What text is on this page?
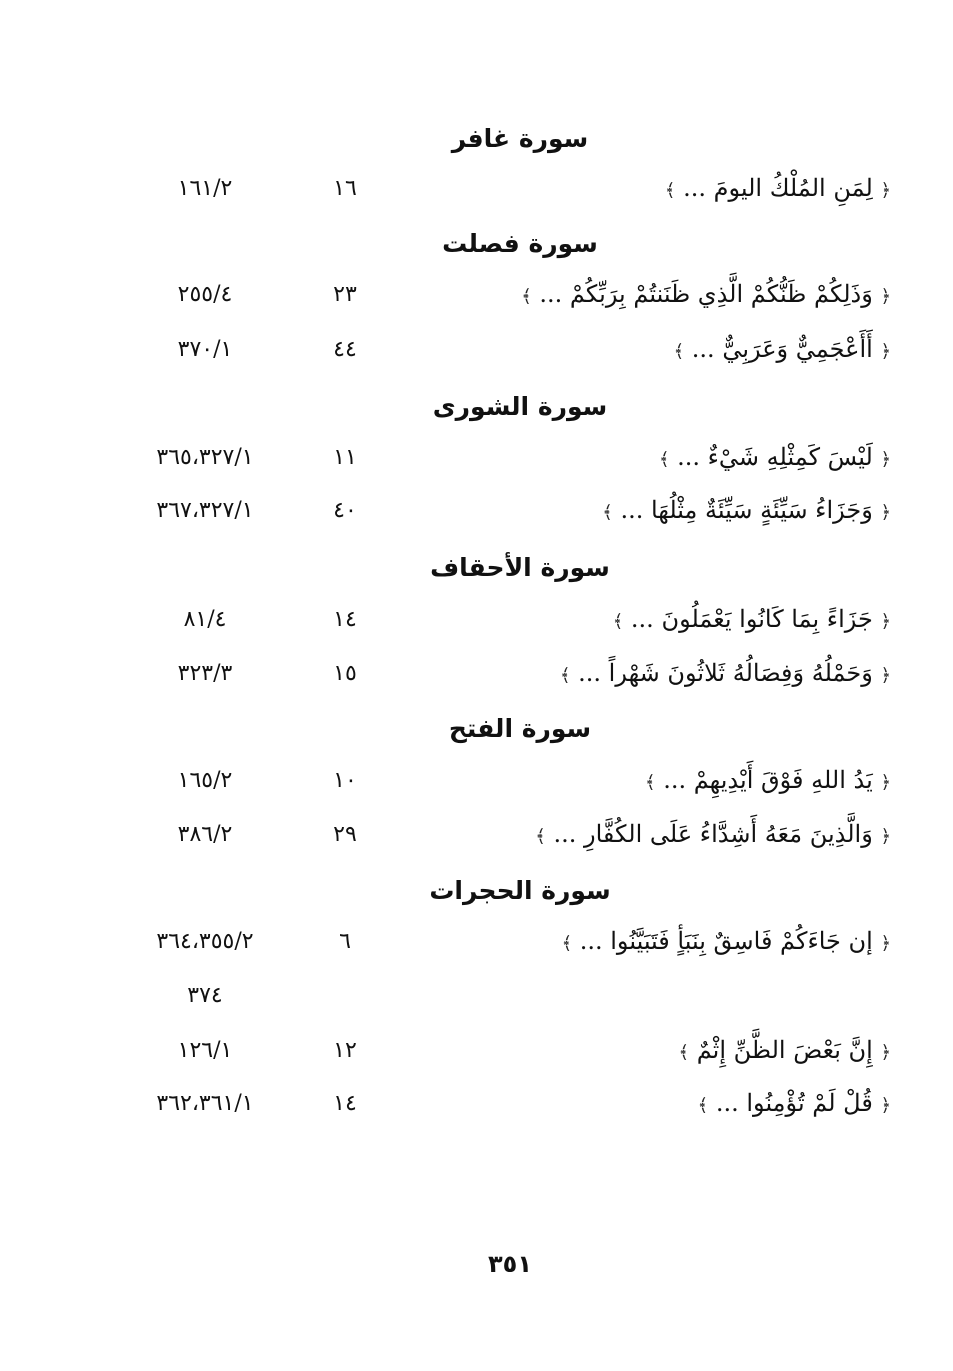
سورة غافر
﴿ لِمَنِ المُلْكُ اليومَ ... ﴾
١٦
١٦١/٢
سورة فصلت
﴿ وَذَلِكُمْ ظَنُّكُمْ الَّذِي ظَنَنتُمْ بِرَبِّكُمْ ... ﴾
٢٣
٢٥٥/٤
﴿ أَأَعْجَمِيٌّ وَعَرَبِيٌّ ... ﴾
٤٤
٣٧٠/١
سورة الشورى
﴿ لَيْسَ كَمِثْلِهِ شَيْءٌ ... ﴾
١١
٣٦٥،٣٢٧/١
﴿ وَجَزَاءُ سَيِّئَةٍ سَيِّئَةٌ مِثْلُهَا ... ﴾
٤٠
٣٦٧،٣٢٧/١
سورة الأحقاف
﴿ جَزَاءً بِمَا كَانُوا يَعْمَلُونَ ... ﴾
١٤
٨١/٤
﴿ وَحَمْلُهُ وَفِصَالُهُ ثَلاثُونَ شَهْراً ... ﴾
١٥
٣٢٣/٣
سورة الفتح
﴿ يَدُ اللهِ فَوْقَ أَيْدِيهِمْ ... ﴾
١٠
١٦٥/٢
﴿ وَالَّذِينَ مَعَهُ أَشِدَّاءُ عَلَى الكُفَّارِ ... ﴾
٢٩
٣٨٦/٢
سورة الحجرات
﴿ إن جَاءَكُمْ فَاسِقٌ بِنَبَأٍ فَتَبَيَّنُوا ... ﴾
٦
٣٦٤،٣٥٥/٢
٣٧٤
﴿ إِنَّ بَعْضَ الظَّنِّ إِثْمٌ ﴾
١٢
١٢٦/١
﴿ قُلْ لَمْ تُؤْمِنُوا ... ﴾
١٤
٣٦٢،٣٦١/١
٣٥١
